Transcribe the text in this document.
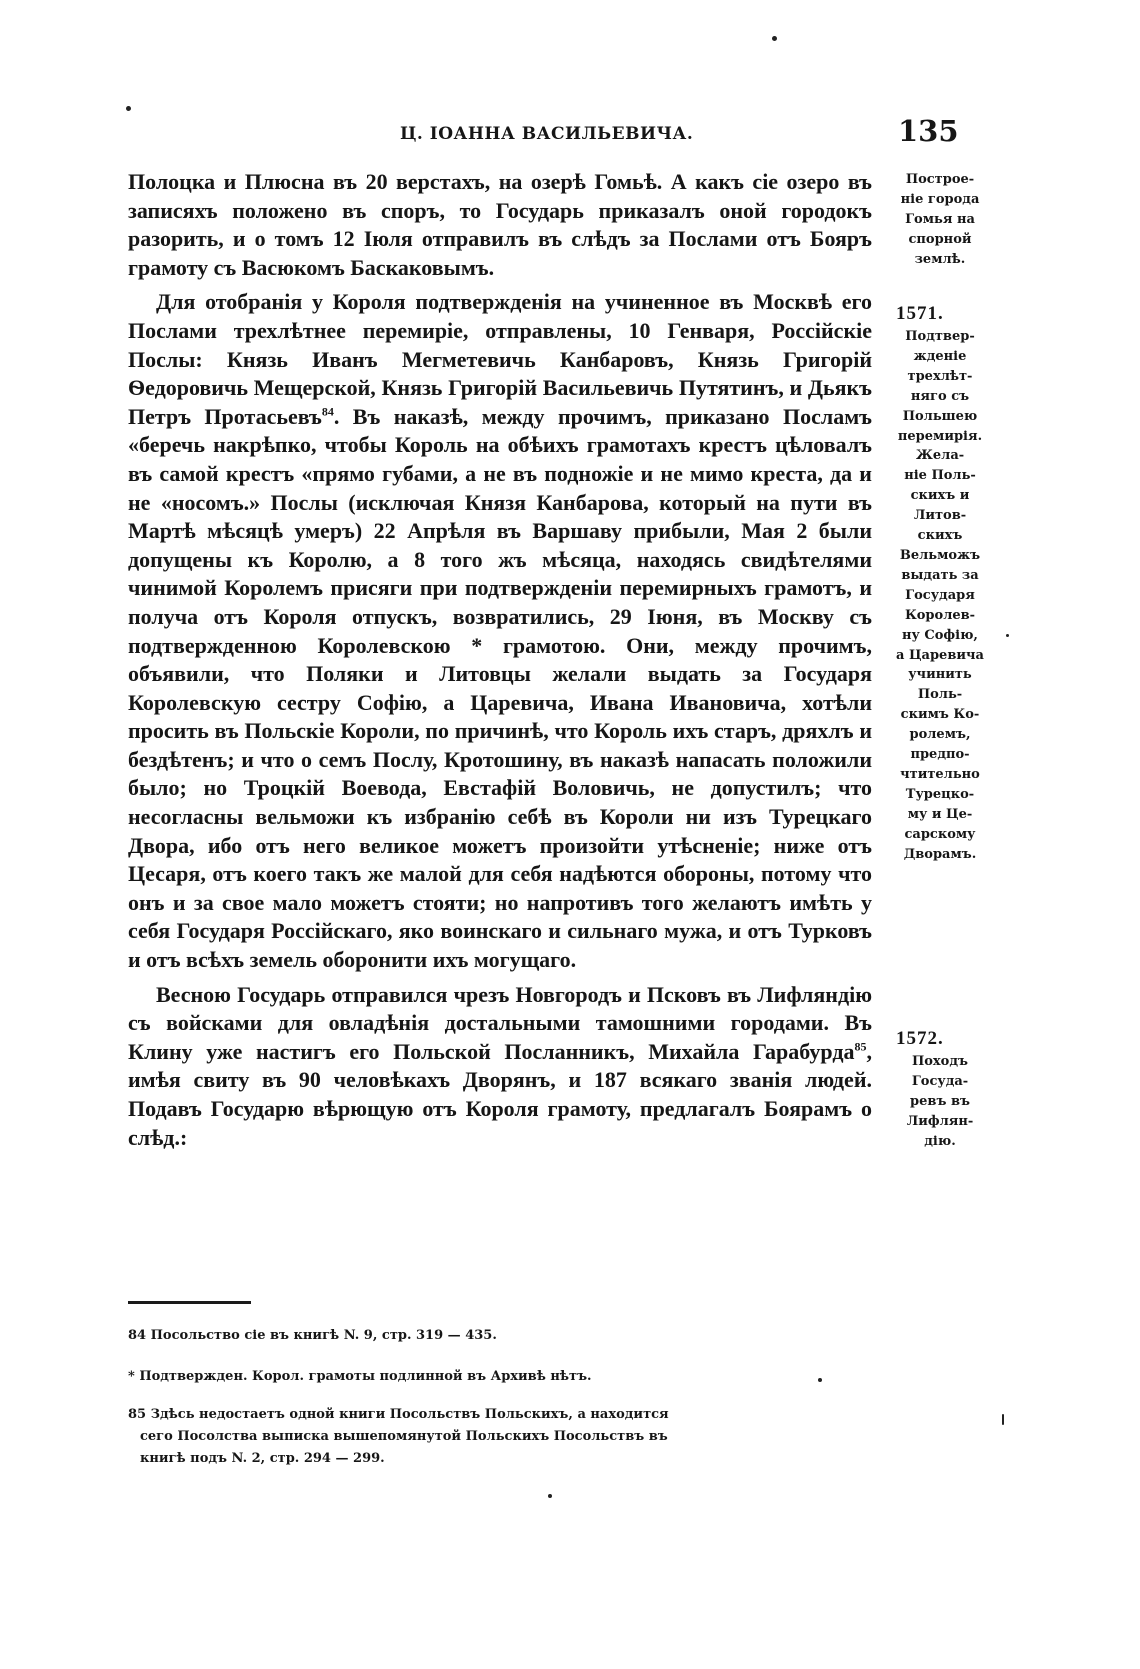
Ц. ІОАННА ВАСИЛЬЕВИЧА.	135

Полоцка и Плюсна въ 20 верстахъ, на озерѣ Гомьѣ. А какъ сіе озеро въ записяхъ положено въ споръ, то Государь приказалъ оной городокъ разорить, и о томъ 12 Іюля отправилъ въ слѣдъ за Послами отъ Бояръ грамоту съ Васюкомъ Баскаковымъ.

Для отобранія у Короля подтвержденія на учиненное въ Москвѣ его Послами трехлѣтнее перемиріе, отправлены, 10 Генваря, Россійскіе Послы: Князь Иванъ Мегметевичь Канбаровъ, Князь Григорій Ѳедоровичь Мещерской, Князь Григорій Васильевичь Путятинъ, и Дьякъ Петръ Протасьевъ$^{84}$. Въ наказѣ, между прочимъ, приказано Посламъ «беречь накрѣпко, чтобы Король на обѣихъ грамотахъ крестъ цѣловалъ въ самой крестъ «прямо губами, а не въ подножіе и не мимо креста, да и не «носомъ.» Послы (исключая Князя Канбарова, который на пути въ Мартѣ мѣсяцѣ умеръ) 22 Апрѣля въ Варшаву прибыли, Мая 2 были допущены къ Королю, а 8 того жъ мѣсяца, находясь свидѣтелями чинимой Королемъ присяги при подтвержденіи перемирныхъ грамотъ, и получа отъ Короля отпускъ, возвратились, 29 Іюня, въ Москву съ подтвержденною Королевскою * грамотою. Они, между прочимъ, объявили, что Поляки и Литовцы желали выдать за Государя Королевскую сестру Софію, а Царевича, Ивана Ивановича, хотѣли просить въ Польскіе Короли, по причинѣ, что Король ихъ старъ, дряхлъ и бездѣтенъ; и что о семъ Послу, Кротошину, въ наказѣ напасать положили было; но Троцкій Воевода, Евстафій Воловичь, не допустилъ; что несогласны вельможи къ избранію себѣ въ Короли ни изъ Турецкаго Двора, ибо отъ него великое можетъ произойти утѣсненіе; ниже отъ Цесаря, отъ коего такъ же малой для себя надѣются обороны, потому что онъ и за свое мало можетъ стояти; но напротивъ того желаютъ имѣть у себя Государя Россійскаго, яко воинскаго и сильнаго мужа, и отъ Турковъ и отъ всѣхъ земель оборонити ихъ могущаго.

Весною Государь отправился чрезъ Новгородъ и Псковъ въ Лифляндію съ войсками для овладѣнія достальными тамошними городами. Въ Клину уже настигъ его Польской Посланникъ, Михайла Гарабурда$^{85}$, имѣя свиту въ 90 человѣкахъ Дворянъ, и 187 всякаго званія людей. Подавъ Государю вѣрющую отъ Короля грамоту, предлагалъ Боярамъ о слѣд.:

Построе-
ніе города
Гомья на
спорной
землѣ.
1571.
Подтвер-
жденіе
трехлѣт-
няго съ
Польшею
перемирія.
Жела-
ніе Поль-
скихъ и
Литов-
скихъ
Вельможъ
выдать за
Государя
Королев-
ну Софію,
а Царевича
учинить Поль-
скимъ Ко-
ролемъ,
предпо-
чтительно
Турецко-
му и Це-
сарскому
Дворамъ.
1572.
Походъ
Госуда-
ревъ въ
Лифлян-
дію.
84 Посольство сіе въ книгѣ N. 9, стр. 319 — 435.
* Подтвержден. Корол. грамоты подлинной въ Архивѣ нѣтъ.
85 Здѣсь недостаетъ одной книги Посольствъ Польскихъ, а находится
сего Посолства выписка вышепомянутой Польскихъ Посольствъ въ
книгѣ подъ N. 2, стр. 294 — 299.
